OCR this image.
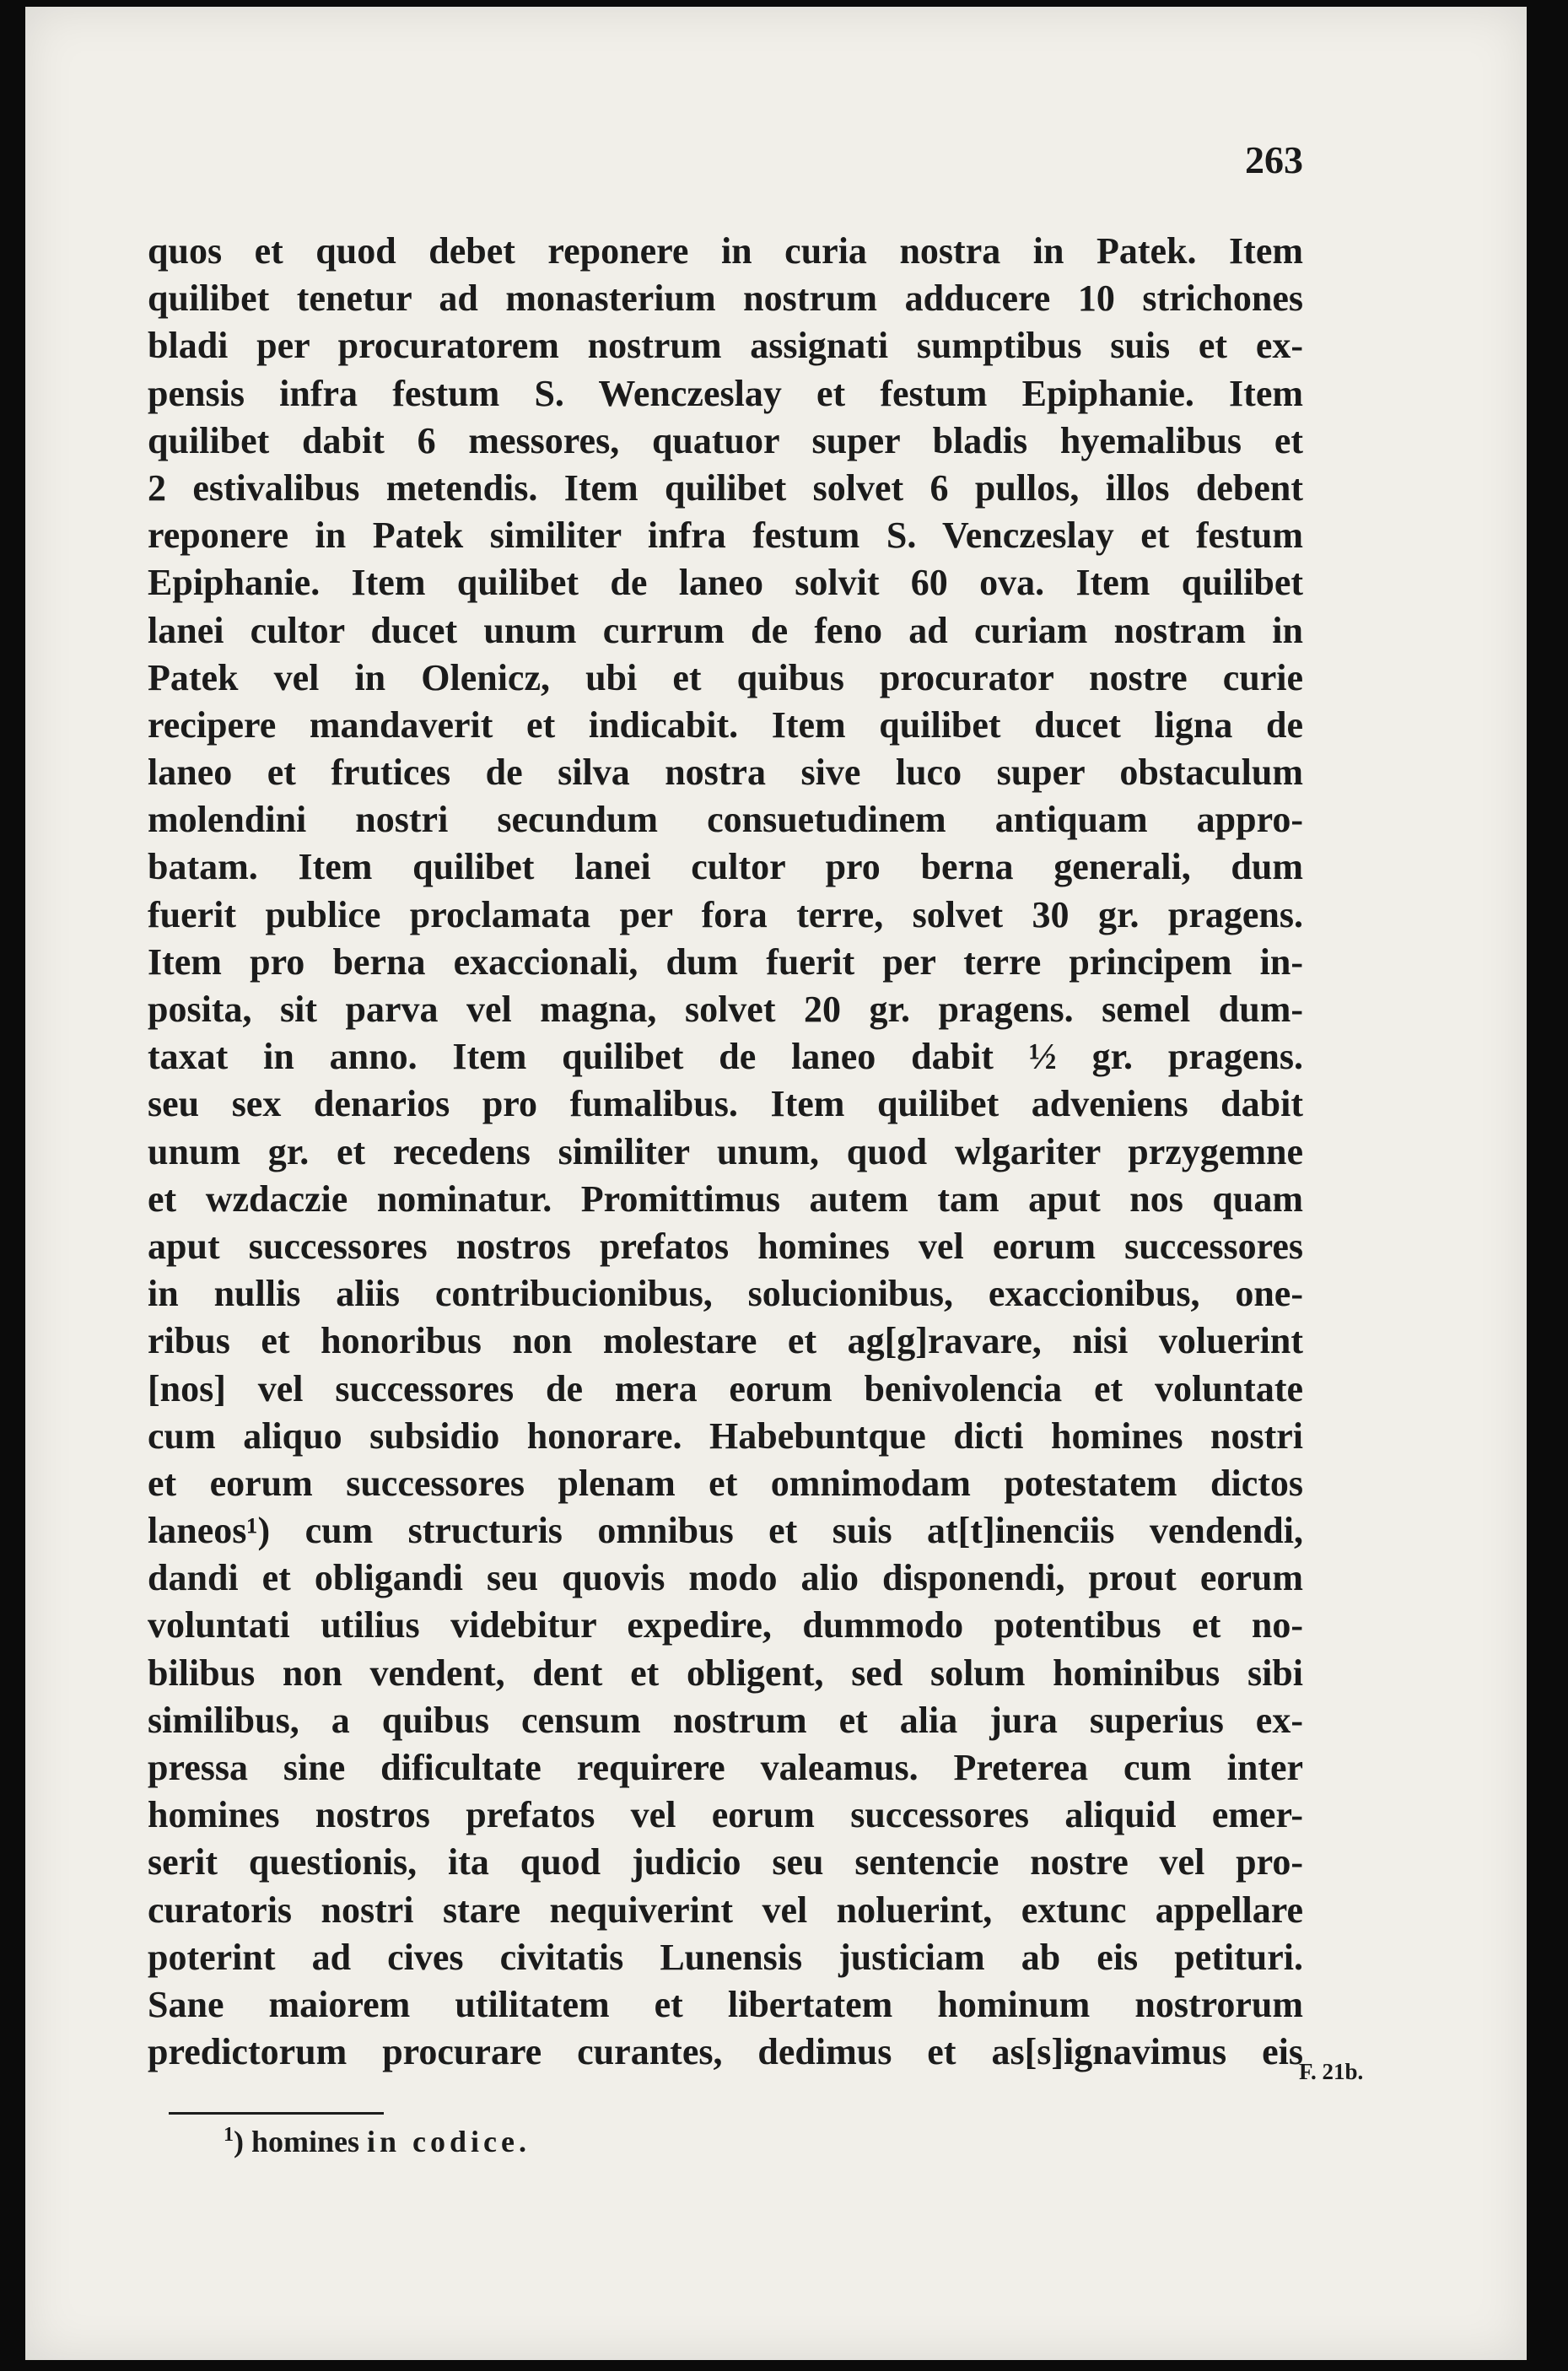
263
quos et quod debet reponere in curia nostra in Patek. Item
quilibet tenetur ad monasterium nostrum adducere 10 strichones
bladi per procuratorem nostrum assignati sumptibus suis et ex-
pensis infra festum S. Wenczeslay et festum Epiphanie. Item
quilibet dabit 6 messores, quatuor super bladis hyemalibus et
2 estivalibus metendis. Item quilibet solvet 6 pullos, illos debent
reponere in Patek similiter infra festum S. Venczeslay et festum
Epiphanie. Item quilibet de laneo solvit 60 ova. Item quilibet
lanei cultor ducet unum currum de feno ad curiam nostram in
Patek vel in Olenicz, ubi et quibus procurator nostre curie
recipere mandaverit et indicabit. Item quilibet ducet ligna de
laneo et frutices de silva nostra sive luco super obstaculum
molendini nostri secundum consuetudinem antiquam appro-
batam. Item quilibet lanei cultor pro berna generali, dum
fuerit publice proclamata per fora terre, solvet 30 gr. pragens.
Item pro berna exaccionali, dum fuerit per terre principem in-
posita, sit parva vel magna, solvet 20 gr. pragens. semel dum-
taxat in anno. Item quilibet de laneo dabit ½ gr. pragens.
seu sex denarios pro fumalibus. Item quilibet adveniens dabit
unum gr. et recedens similiter unum, quod wlgariter przygemne
et wzdaczie nominatur. Promittimus autem tam aput nos quam
aput successores nostros prefatos homines vel eorum successores
in nullis aliis contribucionibus, solucionibus, exaccionibus, one-
ribus et honoribus non molestare et ag[g]ravare, nisi voluerint
[nos] vel successores de mera eorum benivolencia et voluntate
cum aliquo subsidio honorare. Habebuntque dicti homines nostri
et eorum successores plenam et omnimodam potestatem dictos
laneos¹) cum structuris omnibus et suis at[t]inenciis vendendi,
dandi et obligandi seu quovis modo alio disponendi, prout eorum
voluntati utilius videbitur expedire, dummodo potentibus et no-
bilibus non vendent, dent et obligent, sed solum hominibus sibi
similibus, a quibus censum nostrum et alia jura superius ex-
pressa sine dificultate requirere valeamus. Preterea cum inter
homines nostros prefatos vel eorum successores aliquid emer-
serit questionis, ita quod judicio seu sentencie nostre vel pro-
curatoris nostri stare nequiverint vel noluerint, extunc appellare
poterint ad cives civitatis Lunensis justiciam ab eis petituri.
Sane maiorem utilitatem et libertatem hominum nostrorum
predictorum procurare curantes, dedimus et as[s]ignavimus eis
F. 21b.
$^1$) homines in codice.
